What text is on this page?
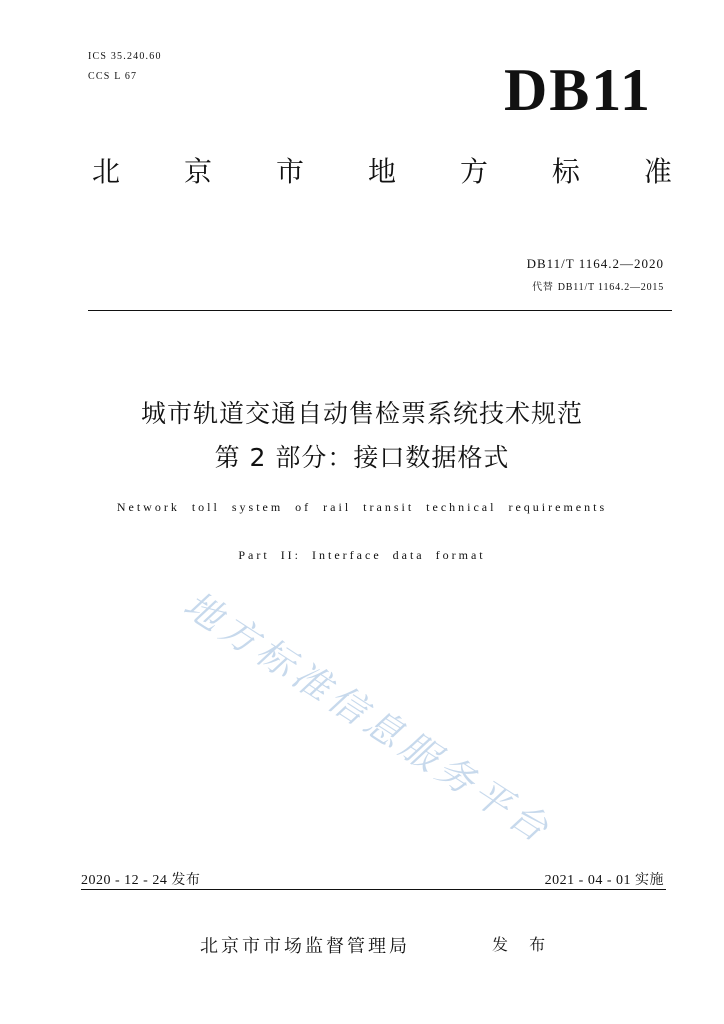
ICS 35.240.60
CCS L 67	DB11
北 京 市 地 方 标 准
DB11/T 1164.2—2020
代替 DB11/T 1164.2—2015
城市轨道交通自动售检票系统技术规范
第 2 部分：接口数据格式
Network toll system of rail transit technical requirements
Part II: Interface data format
地方标准信息服务平台
2020 - 12 - 24 发布	2021 - 04 - 01 实施
北京市市场监督管理局	发 布
